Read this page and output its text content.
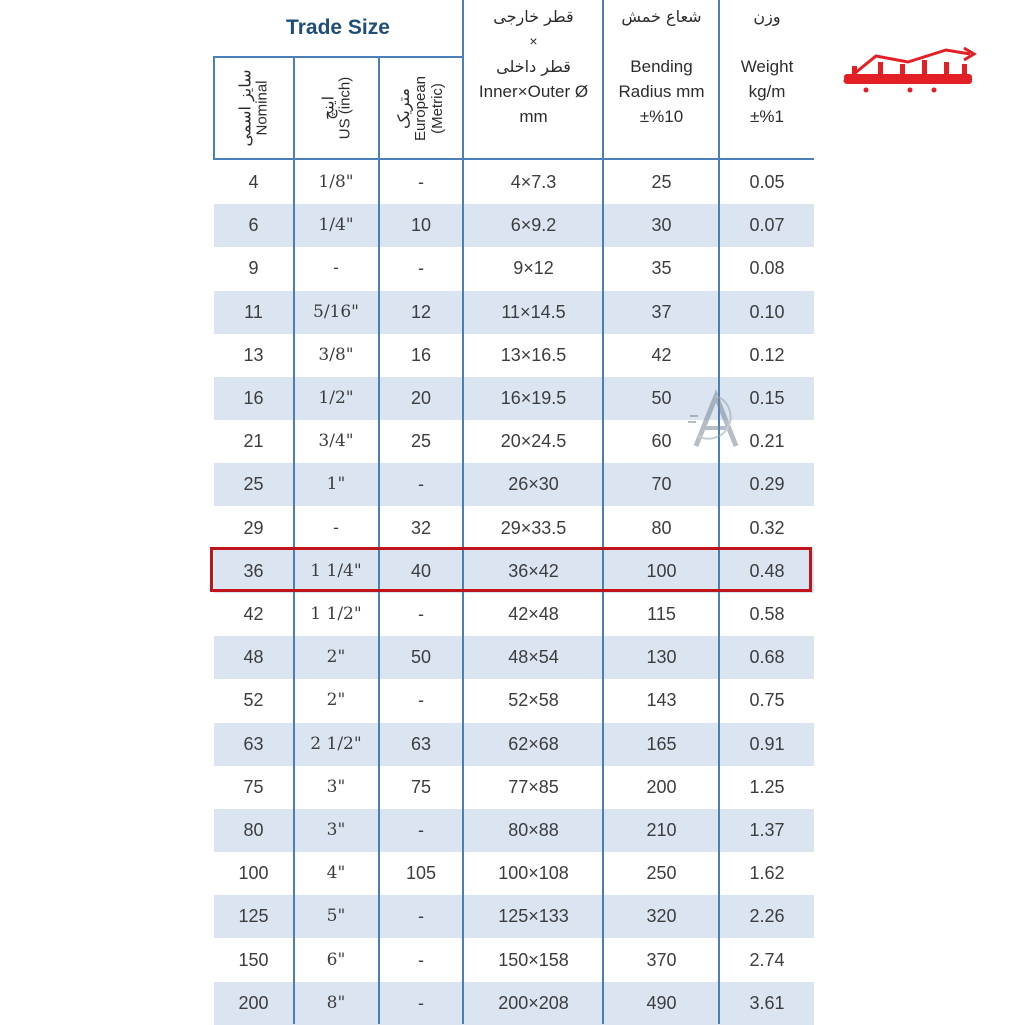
Trade Size
سایز اسمی Nominal	اینچ US (inch)	متریک European (Metric)
قطر خارجی
×
قطر داخلی
Inner×Outer Ø
mm
شعاع خمش
Bending
Radius mm
±%10
وزن
Weight
kg/m
±%1
4	1/8"	-	4×7.3	25	0.05
6	1/4"	10	6×9.2	30	0.07
9	-	-	9×12	35	0.08
11	5/16"	12	11×14.5	37	0.10
13	3/8"	16	13×16.5	42	0.12
16	1/2"	20	16×19.5	50	0.15
21	3/4"	25	20×24.5	60	0.21
25	1"	-	26×30	70	0.29
29	-	32	29×33.5	80	0.32
36	1 1/4"	40	36×42	100	0.48
42	1 1/2"	-	42×48	115	0.58
48	2"	50	48×54	130	0.68
52	2"	-	52×58	143	0.75
63	2 1/2"	63	62×68	165	0.91
75	3"	75	77×85	200	1.25
80	3"	-	80×88	210	1.37
100	4"	105	100×108	250	1.62
125	5"	-	125×133	320	2.26
150	6"	-	150×158	370	2.74
200	8"	-	200×208	490	3.61
